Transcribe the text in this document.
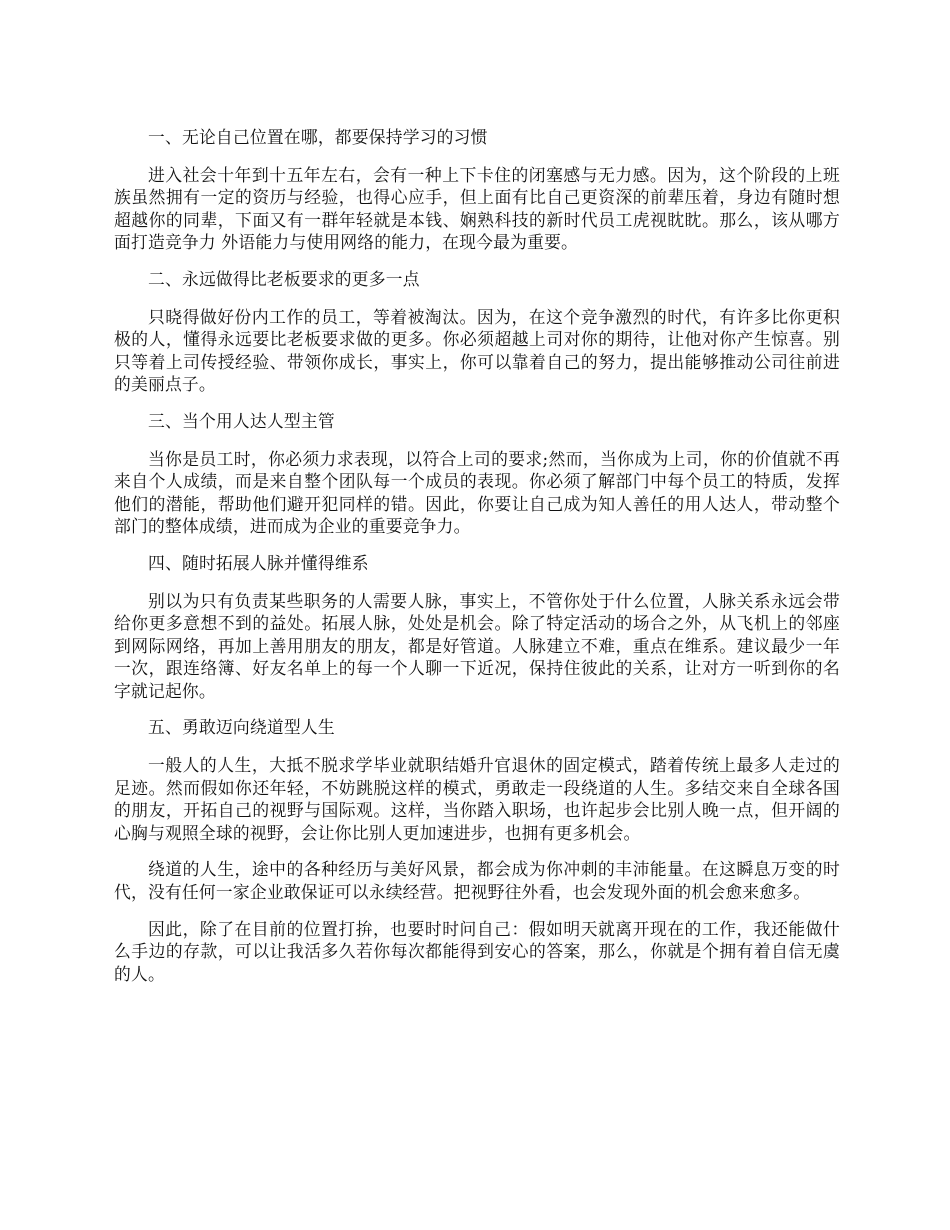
一、无论自己位置在哪，都要保持学习的习惯

进入社会十年到十五年左右，会有一种上下卡住的闭塞感与无力感。因为，这个阶段的上班族虽然拥有一定的资历与经验，也得心应手，但上面有比自己更资深的前辈压着，身边有随时想超越你的同辈，下面又有一群年轻就是本钱、娴熟科技的新时代员工虎视眈眈。那么，该从哪方面打造竞争力 外语能力与使用网络的能力，在现今最为重要。

二、永远做得比老板要求的更多一点

只晓得做好份内工作的员工，等着被淘汰。因为，在这个竞争激烈的时代，有许多比你更积极的人，懂得永远要比老板要求做的更多。你必须超越上司对你的期待，让他对你产生惊喜。别只等着上司传授经验、带领你成长，事实上，你可以靠着自己的努力，提出能够推动公司往前进的美丽点子。

三、当个用人达人型主管

当你是员工时，你必须力求表现，以符合上司的要求;然而，当你成为上司，你的价值就不再来自个人成绩，而是来自整个团队每一个成员的表现。你必须了解部门中每个员工的特质，发挥他们的潜能，帮助他们避开犯同样的错。因此，你要让自己成为知人善任的用人达人，带动整个部门的整体成绩，进而成为企业的重要竞争力。

四、随时拓展人脉并懂得维系

别以为只有负责某些职务的人需要人脉，事实上，不管你处于什么位置，人脉关系永远会带给你更多意想不到的益处。拓展人脉，处处是机会。除了特定活动的场合之外，从飞机上的邻座到网际网络，再加上善用朋友的朋友，都是好管道。人脉建立不难，重点在维系。建议最少一年一次，跟连络簿、好友名单上的每一个人聊一下近况，保持住彼此的关系，让对方一听到你的名字就记起你。

五、勇敢迈向绕道型人生

一般人的人生，大抵不脱求学毕业就职结婚升官退休的固定模式，踏着传统上最多人走过的足迹。然而假如你还年轻，不妨跳脱这样的模式，勇敢走一段绕道的人生。多结交来自全球各国的朋友，开拓自己的视野与国际观。这样，当你踏入职场，也许起步会比别人晚一点，但开阔的心胸与观照全球的视野，会让你比别人更加速进步，也拥有更多机会。

绕道的人生，途中的各种经历与美好风景，都会成为你冲刺的丰沛能量。在这瞬息万变的时代，没有任何一家企业敢保证可以永续经营。把视野往外看，也会发现外面的机会愈来愈多。

因此，除了在目前的位置打拚，也要时时问自己：假如明天就离开现在的工作，我还能做什么手边的存款，可以让我活多久若你每次都能得到安心的答案，那么，你就是个拥有着自信无虞的人。
